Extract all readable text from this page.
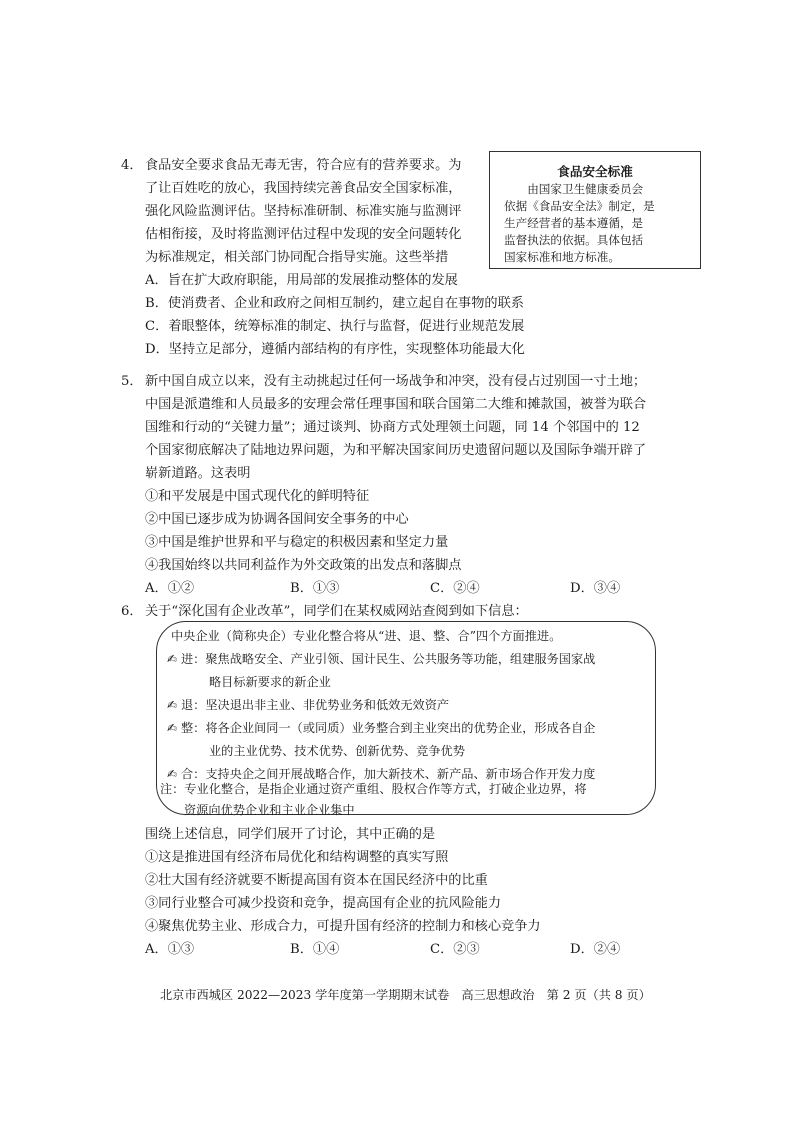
4． 食品安全要求食品无毒无害，符合应有的营养要求。为
了让百姓吃的放心，我国持续完善食品安全国家标准，
强化风险监测评估。坚持标准研制、标准实施与监测评
估相衔接，及时将监测评估过程中发现的安全问题转化
为标准规定，相关部门协同配合指导实施。这些举措
食品安全标准
　　由国家卫生健康委员会
依据《食品安全法》制定，是
生产经营者的基本遵循，是
监督执法的依据。具体包括
国家标准和地方标准。
A．旨在扩大政府职能，用局部的发展推动整体的发展
B．使消费者、企业和政府之间相互制约，建立起自在事物的联系
C．着眼整体，统筹标准的制定、执行与监督，促进行业规范发展
D．坚持立足部分，遵循内部结构的有序性，实现整体功能最大化
5． 新中国自成立以来，没有主动挑起过任何一场战争和冲突，没有侵占过别国一寸土地；
中国是派遣维和人员最多的安理会常任理事国和联合国第二大维和摊款国，被誉为联合
国维和行动的“关键力量”；通过谈判、协商方式处理领土问题，同 14 个邻国中的 12
个国家彻底解决了陆地边界问题，为和平解决国家间历史遗留问题以及国际争端开辟了
崭新道路。这表明
①和平发展是中国式现代化的鲜明特征
②中国已逐步成为协调各国间安全事务的中心
③中国是维护世界和平与稳定的积极因素和坚定力量
④我国始终以共同利益作为外交政策的出发点和落脚点
A．①②	B．①③	C．②④	D．③④
6． 关于“深化国有企业改革”，同学们在某权威网站查阅到如下信息：
中央企业（简称央企）专业化整合将从“进、退、整、合”四个方面推进。
✍ 进：聚焦战略安全、产业引领、国计民生、公共服务等功能，组建服务国家战
略目标新要求的新企业
✍ 退：坚决退出非主业、非优势业务和低效无效资产
✍ 整：将各企业间同一（或同质）业务整合到主业突出的优势企业，形成各自企
业的主业优势、技术优势、创新优势、竞争优势
✍ 合：支持央企之间开展战略合作，加大新技术、新产品、新市场合作开发力度
注：专业化整合，是指企业通过资产重组、股权合作等方式，打破企业边界，将
资源向优势企业和主业企业集中
围绕上述信息，同学们展开了讨论，其中正确的是
①这是推进国有经济布局优化和结构调整的真实写照
②壮大国有经济就要不断提高国有资本在国民经济中的比重
③同行业整合可减少投资和竞争，提高国有企业的抗风险能力
④聚焦优势主业、形成合力，可提升国有经济的控制力和核心竞争力
A．①③	B．①④	C．②③	D．②④
北京市西城区 2022—2023 学年度第一学期期末试卷　高三思想政治　第 2 页（共 8 页）
